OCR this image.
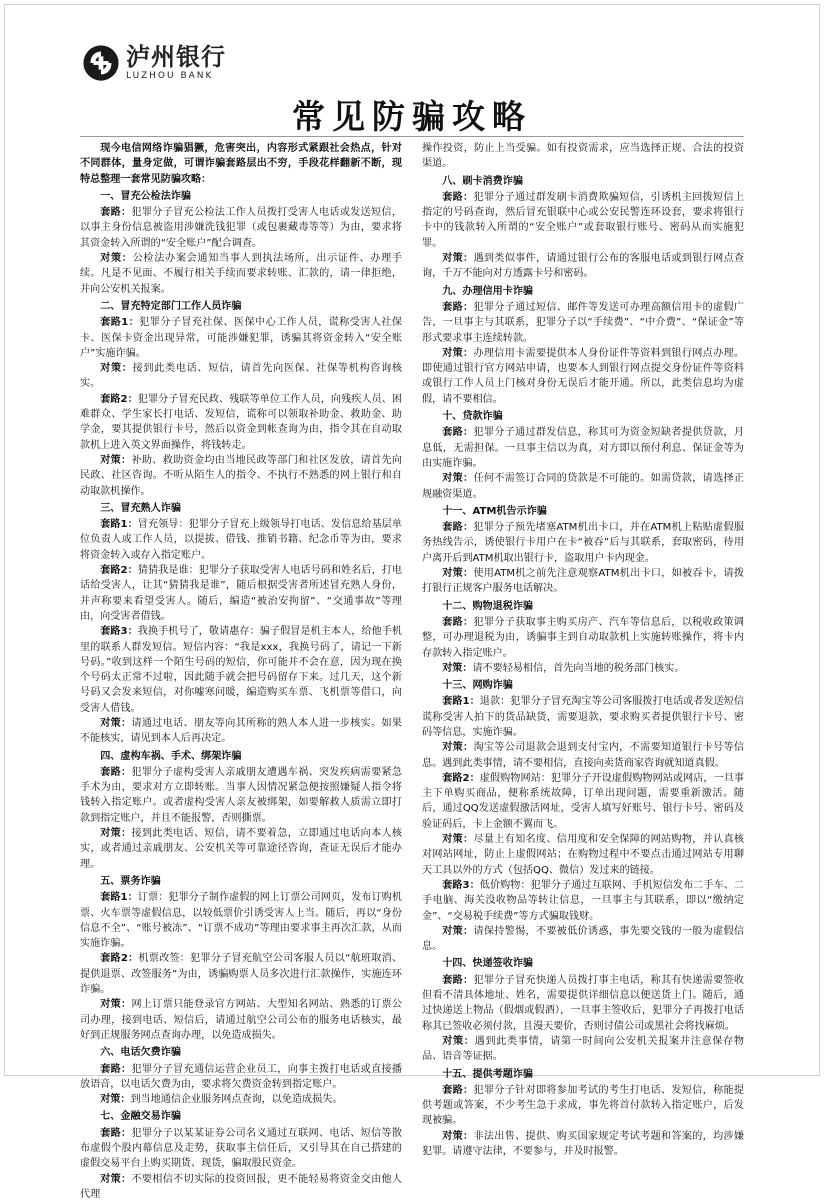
泸州银行
LUZHOU BANK
常见防骗攻略

现今电信网络诈骗猖獗，危害突出，内容形式紧跟社会热点，针对不同群体，量身定做，可谓诈骗套路层出不穷，手段花样翻新不断，现特总整理一套常见防骗攻略：

一、冒充公检法诈骗

套路：犯罪分子冒充公检法工作人员拨打受害人电话或发送短信，以事主身份信息被盗用涉嫌洗钱犯罪（或包裹藏毒等等）为由，要求将其资金转入所谓的“安全账户”配合调查。

对策：公检法办案会通知当事人到执法场所，出示证件、办理手续。凡是不见面、不履行相关手续而要求转账、汇款的，请一律拒绝，并向公安机关报案。

二、冒充特定部门工作人员诈骗

套路1：犯罪分子冒充社保、医保中心工作人员，谎称受害人社保卡、医保卡资金出现异常，可能涉嫌犯罪，诱骗其将资金转入“安全账户”实施诈骗。

对策：接到此类电话、短信，请首先向医保、社保等机构咨询核实。

套路2：犯罪分子冒充民政、残联等单位工作人员，向残疾人员、困难群众、学生家长打电话、发短信，谎称可以领取补助金、救助金、助学金，要其提供银行卡号，然后以资金到帐查询为由，指令其在自动取款机上进入英文界面操作，将钱转走。

对策：补助、救助资金均由当地民政等部门和社区发放，请首先向民政、社区咨询。不听从陌生人的指令、不执行不熟悉的网上银行和自动取款机操作。

三、冒充熟人诈骗

套路1：冒充领导：犯罪分子冒充上级领导打电话、发信息给基层单位负责人或工作人员，以提拔、借钱、推销书籍、纪念币等为由，要求将资金转入或存入指定账户。

套路2：猜猜我是谁：犯罪分子获取受害人电话号码和姓名后，打电话给受害人，让其“猜猜我是谁”，随后根据受害者所述冒充熟人身份，并声称要来看望受害人。随后，编造“被治安拘留”、“交通事故”等理由，向受害者借钱。

套路3：我换手机号了，敬请惠存：骗子假冒是机主本人，给他手机里的联系人群发短信。短信内容：“我是xxx，我换号码了，请记一下新号码。”收到这样一个陌生号码的短信，你可能并不会在意，因为现在换个号码太正常不过啦，因此随手就会把号码留存下来。过几天，这个新号码又会发来短信，对你嘘寒问暖，编造购买车票、飞机票等借口，向受害人借钱。

对策：请通过电话、朋友等向其所称的熟人本人进一步核实。如果不能核实，请见到本人后再决定。

四、虚构车祸、手术、绑架诈骗

套路：犯罪分子虚构受害人亲戚朋友遭遇车祸、突发疾病需要紧急手术为由，要求对方立即转账。当事人因情况紧急便按照嫌疑人指令将钱转入指定账户。或者虚构受害人亲友被绑架，如要解救人质需立即打款到指定账户，并且不能报警，否则撕票。

对策：接到此类电话、短信，请不要着急，立即通过电话向本人核实，或者通过亲戚朋友、公安机关等可靠途径咨询，查证无误后才能办理。

五、票务诈骗

套路1：订票：犯罪分子制作虚假的网上订票公司网页，发布订购机票、火车票等虚假信息，以较低票价引诱受害人上当。随后，再以“身份信息不全”、“账号被冻”、“订票不成功”等理由要求事主再次汇款，从而实施诈骗。

套路2：机票改签：犯罪分子冒充航空公司客服人员以“航班取消、提供退票、改签服务”为由，诱骗购票人员多次进行汇款操作，实施连环诈骗。

对策：网上订票只能登录官方网站、大型知名网站、熟悉的订票公司办理，接到电话、短信后，请通过航空公司公布的服务电话核实，最好到正规服务网点查询办理，以免造成损失。

六、电话欠费诈骗

套路：犯罪分子冒充通信运营企业员工，向事主拨打电话或直接播放语音，以电话欠费为由，要求将欠费资金转到指定账户。

对策：到当地通信企业服务网点查询，以免造成损失。

七、金融交易诈骗

套路：犯罪分子以某某证券公司名义通过互联网、电话、短信等散布虚假个股内幕信息及走势，获取事主信任后，又引导其在自己搭建的虚假交易平台上购买期货、现货，骗取股民资金。

对策：不要相信不切实际的投资回报，更不能轻易将资金交由他人代理

操作投资，防止上当受骗。如有投资需求，应当选择正规、合法的投资渠道。

八、刷卡消费诈骗

套路：犯罪分子通过群发刷卡消费欺骗短信，引诱机主回拨短信上指定的号码查询，然后冒充银联中心或公安民警连环设套，要求将银行卡中的钱款转入所谓的“安全账户”或套取银行账号、密码从而实施犯罪。

对策：遇到类似事件，请通过银行公布的客服电话或到银行网点查询，千万不能向对方透露卡号和密码。

九、办理信用卡诈骗

套路：犯罪分子通过短信、邮件等发送可办理高额信用卡的虚假广告，一旦事主与其联系，犯罪分子以“手续费”、“中介费”、“保证金”等形式要求事主连续转款。

对策：办理信用卡需要提供本人身份证件等资料到银行网点办理。即使通过银行官方网站申请，也要本人到银行网点提交身份证件等资料或银行工作人员上门核对身份无误后才能开通。所以，此类信息均为虚假，请不要相信。

十、贷款诈骗

套路：犯罪分子通过群发信息，称其可为资金短缺者提供贷款，月息低，无需担保。一旦事主信以为真，对方即以预付利息、保证金等为由实施诈骗。

对策：任何不需签订合同的贷款是不可能的。如需贷款，请选择正规融资渠道。

十一、ATM机告示诈骗

套路：犯罪分子预先堵塞ATM机出卡口，并在ATM机上粘贴虚假服务热线告示，诱使银行卡用户在卡“被吞”后与其联系，套取密码，待用户离开后到ATM机取出银行卡，盗取用户卡内现金。

对策：使用ATM机之前先注意观察ATM机出卡口，如被吞卡，请拨打银行正规客户服务电话解决。

十二、购物退税诈骗

套路：犯罪分子获取事主购买房产、汽车等信息后，以税收政策调整，可办理退税为由，诱骗事主到自动取款机上实施转账操作，将卡内存款转入指定账户。

对策：请不要轻易相信，首先向当地的税务部门核实。

十三、网购诈骗

套路1：退款：犯罪分子冒充淘宝等公司客服拨打电话或者发送短信谎称受害人拍下的货品缺货，需要退款，要求购买者提供银行卡号、密码等信息，实施诈骗。

对策：淘宝等公司退款会退到支付宝内，不需要知道银行卡号等信息。遇到此类事情，请不要相信，直接向卖货商家咨询就知道真假。

套路2：虚假购物网站：犯罪分子开设虚假购物网站或网店，一旦事主下单购买商品，便称系统故障，订单出现问题，需要重新激活。随后，通过QQ发送虚假激活网址，受害人填写好账号、银行卡号、密码及验证码后，卡上金额不翼而飞。

对策：尽量上有知名度、信用度和安全保障的网站购物，并认真核对网站网址，防止上虚假网站；在购物过程中不要点击通过网站专用聊天工具以外的方式（包括QQ、微信）发过来的链接。

套路3：低价购物：犯罪分子通过互联网、手机短信发布二手车、二手电脑、海关没收物品等转让信息，一旦事主与其联系，即以“缴纳定金”、“交易税手续费”等方式骗取钱财。

对策：请保持警惕，不要被低价诱惑，事先要交钱的一般为虚假信息。

十四、快递签收诈骗

套路：犯罪分子冒充快递人员拨打事主电话，称其有快递需要签收但看不清具体地址、姓名，需要提供详细信息以便送货上门。随后，通过快递送上物品（假烟或假酒），一旦事主签收后，犯罪分子再拨打电话称其已签收必须付款，且漫天要价，否则讨债公司或黑社会将找麻烦。

对策：遇到此类事情，请第一时间向公安机关报案并注意保存物品、语音等证据。

十五、提供考题诈骗

套路：犯罪分子针对即将参加考试的考生打电话、发短信，称能提供考题或答案，不少考生急于求成，事先将首付款转入指定账户，后发现被骗。

对策：非法出售、提供、购买国家规定考试考题和答案的，均涉嫌犯罪。请遵守法律，不要参与，并及时报警。
